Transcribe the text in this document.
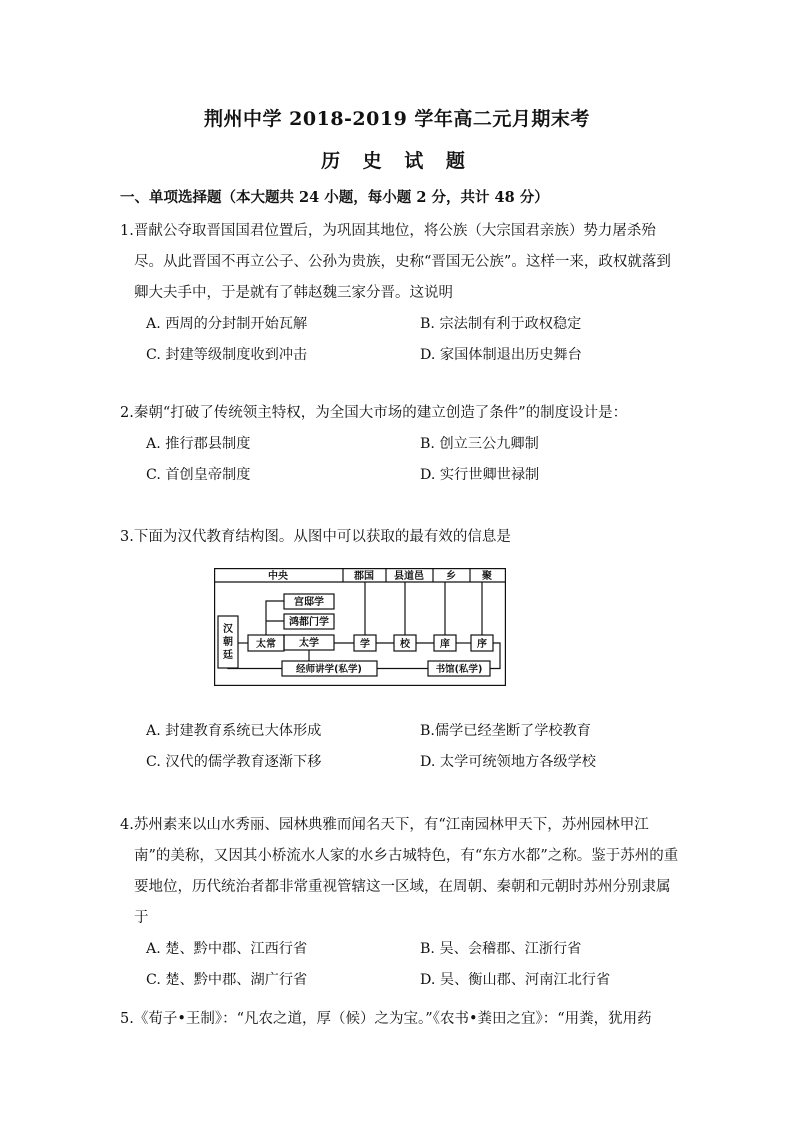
荆州中学 2018-2019 学年高二元月期末考
历 史 试 题
一、单项选择题（本大题共 24 小题，每小题 2 分，共计 48 分）

1.晋献公夺取晋国国君位置后，为巩固其地位，将公族（大宗国君亲族）势力屠杀殆尽。从此晋国不再立公子、公孙为贵族，史称“晋国无公族”。这样一来，政权就落到卿大夫手中，于是就有了韩赵魏三家分晋。这说明

A. 西周的分封制开始瓦解	B. 宗法制有利于政权稳定
C. 封建等级制度收到冲击	D. 家国体制退出历史舞台

2.秦朝“打破了传统领主特权，为全国大市场的建立创造了条件”的制度设计是：

A. 推行郡县制度	B. 创立三公九卿制
C. 首创皇帝制度	D. 实行世卿世禄制

3.下面为汉代教育结构图。从图中可以获取的最有效的信息是

中央	郡国 县道邑 乡	聚
汉朝廷
太常
宫邸学
鸿都门学
太学	学	校	庠	序
经师讲学(私学)	书馆(私学)
A. 封建教育系统已大体形成	B.儒学已经垄断了学校教育
C. 汉代的儒学教育逐渐下移	D. 太学可统领地方各级学校

4.苏州素来以山水秀丽、园林典雅而闻名天下，有“江南园林甲天下，苏州园林甲江南”的美称，又因其小桥流水人家的水乡古城特色，有“东方水都”之称。鉴于苏州的重要地位，历代统治者都非常重视管辖这一区域，在周朝、秦朝和元朝时苏州分别隶属于

A. 楚、黔中郡、江西行省	B. 吴、会稽郡、江浙行省
C. 楚、黔中郡、湖广行省	D. 吴、衡山郡、河南江北行省
5.《荀子•王制》：“凡农之道，厚（候）之为宝。”《农书•粪田之宜》：“用粪，犹用药
